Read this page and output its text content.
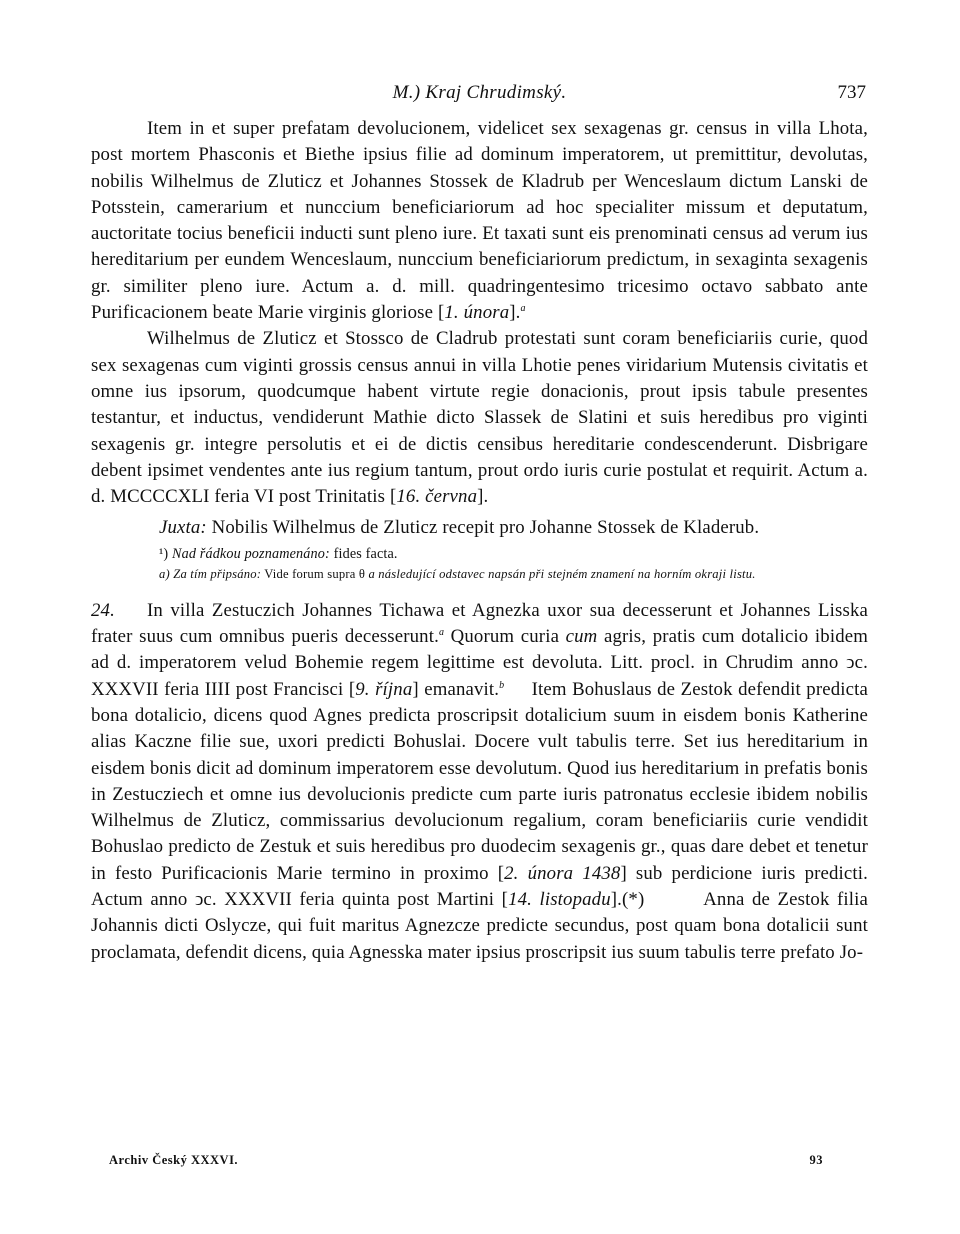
M.) Kraj Chrudimský.	737

Item in et super prefatam devolucionem, videlicet sex sexagenas gr. census in villa Lhota, post mortem Phasconis et Biethe ipsius filie ad dominum imperatorem, ut premittitur, devolutas, nobilis Wilhelmus de Zluticz et Johannes Stossek de Kladrub per Wenceslaum dictum Lanski de Potsstein, camerarium et nunccium beneficiariorum ad hoc specialiter missum et deputatum, auctoritate tocius beneficii inducti sunt pleno iure. Et taxati sunt eis prenominati census ad verum ius hereditarium per eundem Wenceslaum, nunccium beneficiariorum predictum, in sexaginta sexagenis gr. similiter pleno iure. Actum a. d. mill. quadringentesimo tricesimo octavo sabbato ante Purificacionem beate Marie virginis gloriose [1. února].$^a$

Wilhelmus de Zluticz et Stossco de Cladrub protestati sunt coram beneficiariis curie, quod sex sexagenas cum viginti grossis census annui in villa Lhotie penes viridarium Mutensis civitatis et omne ius ipsorum, quodcumque habent virtute regie donacionis, prout ipsis tabule presentes testantur, et inductus, vendiderunt Mathie dicto Slassek de Slatini et suis heredibus pro viginti sexagenis gr. integre persolutis et ei de dictis censibus hereditarie condescenderunt. Disbrigare debent ipsimet vendentes ante ius regium tantum, prout ordo iuris curie postulat et requirit. Actum a. d. MCCCCXLI feria VI post Trinitatis [16. června].

Juxta: Nobilis Wilhelmus de Zluticz recepit pro Johanne Stossek de Kladerub.

¹) Nad řádkou poznamenáno: fides facta.

a) Za tím připsáno: Vide forum supra θ a následující odstavec napsán při stejném znamení na horním okraji listu.

24. In villa Zestuczich Johannes Tichawa et Agnezka uxor sua decesserunt et Johannes Lisska frater suus cum omnibus pueris decesserunt.$^a$ Quorum curia cum agris, pratis cum dotalicio ibidem ad d. imperatorem velud Bohemie regem legittime est devoluta. Litt. procl. in Chrudim anno ↄc. XXXVII feria IIII post Francisci [9. října] emanavit.$^b$     Item Bohuslaus de Zestok defendit predicta bona dotalicio, dicens quod Agnes predicta proscripsit dotalicium suum in eisdem bonis Katherine alias Kaczne filie sue, uxori predicti Bohuslai. Docere vult tabulis terre. Set ius hereditarium in eisdem bonis dicit ad dominum imperatorem esse devolutum. Quod ius hereditarium in prefatis bonis in Zestucziech et omne ius devolucionis predicte cum parte iuris patronatus ecclesie ibidem nobilis Wilhelmus de Zluticz, commissarius devolucionum regalium, coram beneficiariis curie vendidit Bohuslao predicto de Zestuk et suis heredibus pro duodecim sexagenis gr., quas dare debet et tenetur in festo Purificacionis Marie termino in proximo [2. února 1438] sub perdicione iuris predicti. Actum anno ↄc. XXXVII feria quinta post Martini [14. listopadu].(*)        Anna de Zestok filia Johannis dicti Oslycze, qui fuit maritus Agnezcze predicte secundus, post quam bona dotalicii sunt proclamata, defendit dicens, quia Agnesska mater ipsius proscripsit ius suum tabulis terre prefato Jo-

Archiv Český XXXVI.	93
